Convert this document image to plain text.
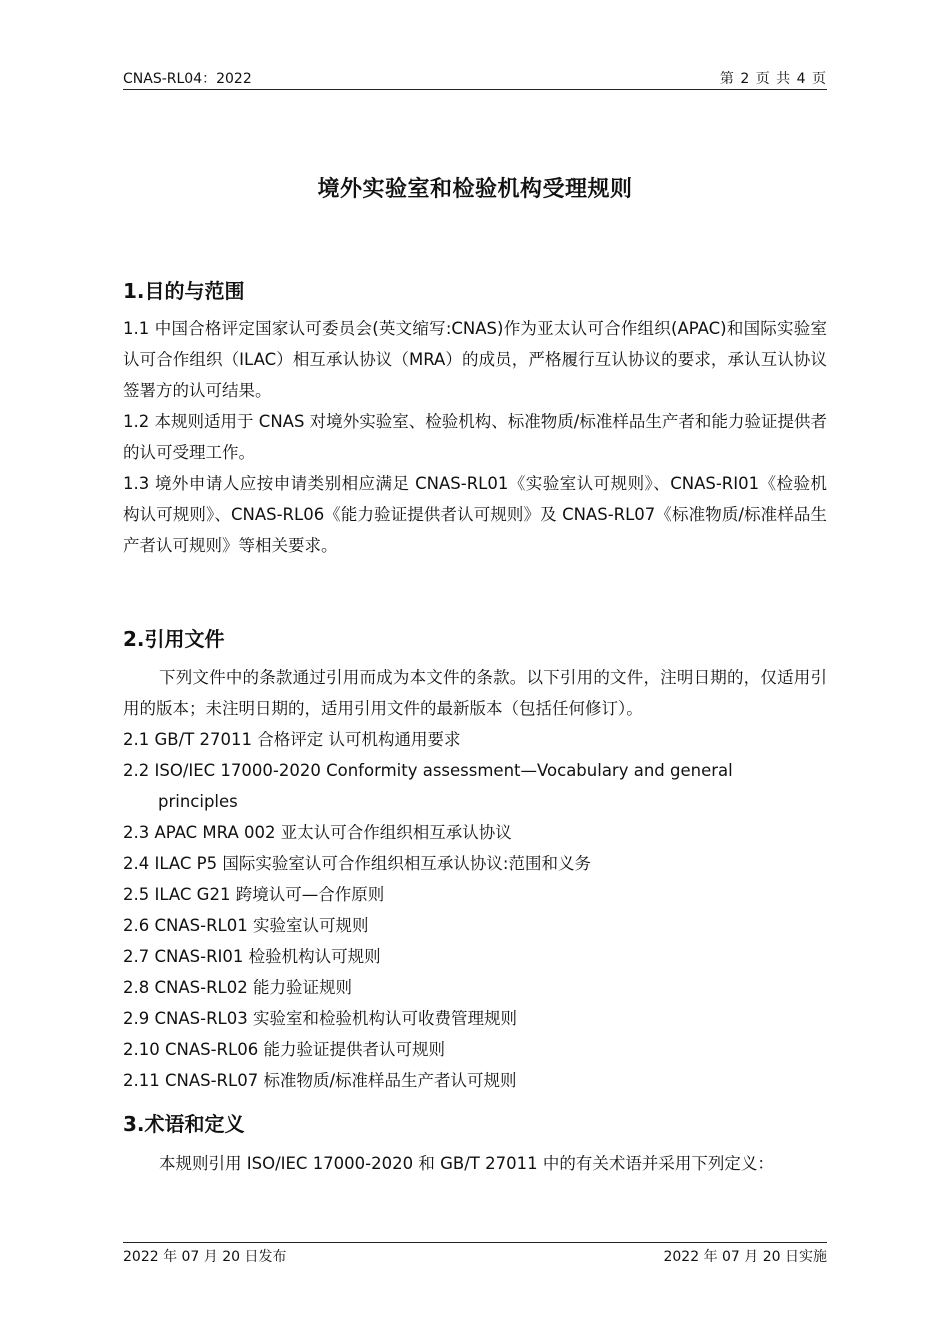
CNAS-RL04：2022	第 2 页 共 4 页
境外实验室和检验机构受理规则
1.目的与范围
1.1 中国合格评定国家认可委员会(英文缩写:CNAS)作为亚太认可合作组织(APAC)和国际实验室认可合作组织（ILAC）相互承认协议（MRA）的成员，严格履行互认协议的要求，承认互认协议签署方的认可结果。
1.2 本规则适用于 CNAS 对境外实验室、检验机构、标准物质/标准样品生产者和能力验证提供者的认可受理工作。
1.3 境外申请人应按申请类别相应满足 CNAS-RL01《实验室认可规则》、CNAS-RI01《检验机构认可规则》、CNAS-RL06《能力验证提供者认可规则》及 CNAS-RL07《标准物质/标准样品生产者认可规则》等相关要求。
2.引用文件
下列文件中的条款通过引用而成为本文件的条款。以下引用的文件，注明日期的，仅适用引用的版本；未注明日期的，适用引用文件的最新版本（包括任何修订）。
2.1 GB/T 27011 合格评定 认可机构通用要求
2.2 ISO/IEC 17000-2020 Conformity assessment—Vocabulary and general
principles
2.3 APAC MRA 002 亚太认可合作组织相互承认协议
2.4 ILAC P5 国际实验室认可合作组织相互承认协议:范围和义务
2.5 ILAC G21 跨境认可—合作原则
2.6 CNAS-RL01 实验室认可规则
2.7 CNAS-RI01 检验机构认可规则
2.8 CNAS-RL02 能力验证规则
2.9 CNAS-RL03 实验室和检验机构认可收费管理规则
2.10 CNAS-RL06 能力验证提供者认可规则
2.11 CNAS-RL07 标准物质/标准样品生产者认可规则
3.术语和定义
本规则引用 ISO/IEC 17000-2020 和 GB/T 27011 中的有关术语并采用下列定义：
2022 年 07 月 20 日发布	2022 年 07 月 20 日实施
